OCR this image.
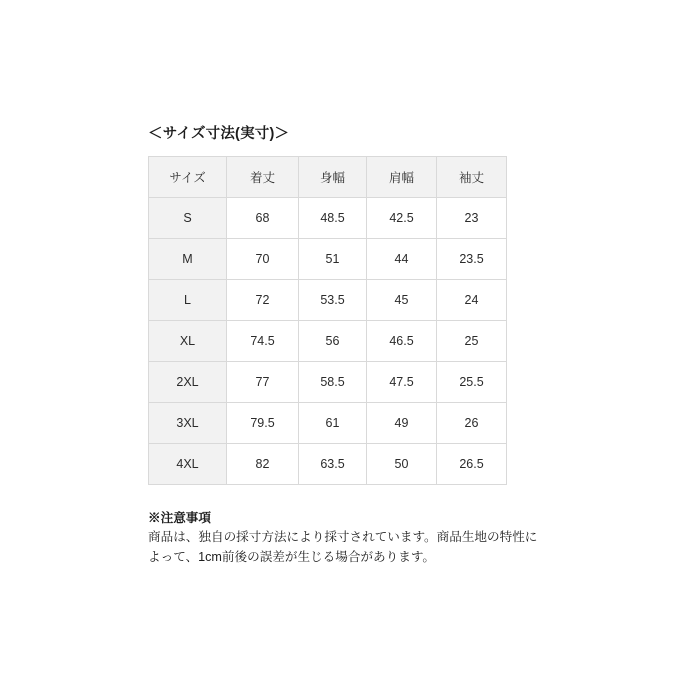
＜サイズ寸法(実寸)＞
サイズ	着丈	身幅	肩幅	袖丈
S	68	48.5	42.5	23
M	70	51	44	23.5
L	72	53.5	45	24
XL	74.5	56	46.5	25
2XL	77	58.5	47.5	25.5
3XL	79.5	61	49	26
4XL	82	63.5	50	26.5
※注意事項
商品は、独自の採寸方法により採寸されています。商品生地の特性に
よって、1cm前後の誤差が生じる場合があります。
